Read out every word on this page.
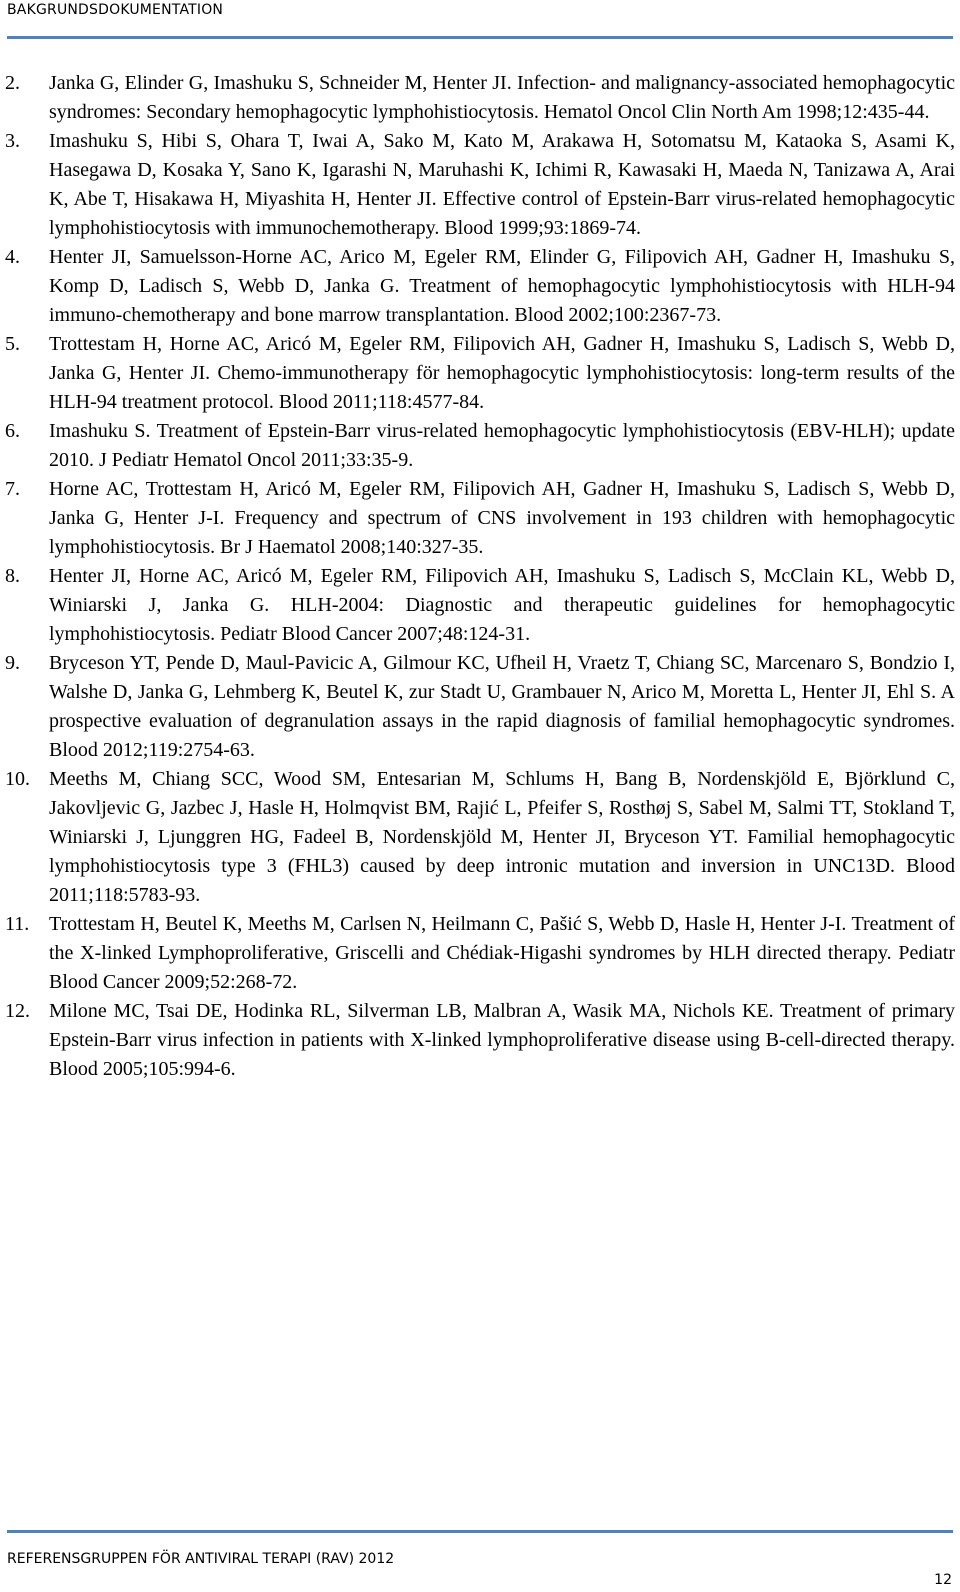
BAKGRUNDSDOKUMENTATION
2. Janka G, Elinder G, Imashuku S, Schneider M, Henter JI. Infection- and malignancy-associated hemophagocytic syndromes: Secondary hemophagocytic lymphohistiocytosis. Hematol Oncol Clin North Am 1998;12:435-44.
3. Imashuku S, Hibi S, Ohara T, Iwai A, Sako M, Kato M, Arakawa H, Sotomatsu M, Kataoka S, Asami K, Hasegawa D, Kosaka Y, Sano K, Igarashi N, Maruhashi K, Ichimi R, Kawasaki H, Maeda N, Tanizawa A, Arai K, Abe T, Hisakawa H, Miyashita H, Henter JI. Effective control of Epstein-Barr virus-related hemophagocytic lymphohistiocytosis with immunochemotherapy. Blood 1999;93:1869-74.
4. Henter JI, Samuelsson-Horne AC, Arico M, Egeler RM, Elinder G, Filipovich AH, Gadner H, Imashuku S, Komp D, Ladisch S, Webb D, Janka G. Treatment of hemophagocytic lymphohistiocytosis with HLH-94 immuno-chemotherapy and bone marrow transplantation. Blood 2002;100:2367-73.
5. Trottestam H, Horne AC, Aricó M, Egeler RM, Filipovich AH, Gadner H, Imashuku S, Ladisch S, Webb D, Janka G, Henter JI. Chemo-immunotherapy för hemophagocytic lymphohistiocytosis: long-term results of the HLH-94 treatment protocol. Blood 2011;118:4577-84.
6. Imashuku S. Treatment of Epstein-Barr virus-related hemophagocytic lymphohistiocytosis (EBV-HLH); update 2010. J Pediatr Hematol Oncol 2011;33:35-9.
7. Horne AC, Trottestam H, Aricó M, Egeler RM, Filipovich AH, Gadner H, Imashuku S, Ladisch S, Webb D, Janka G, Henter J-I. Frequency and spectrum of CNS involvement in 193 children with hemophagocytic lymphohistiocytosis. Br J Haematol 2008;140:327-35.
8. Henter JI, Horne AC, Aricó M, Egeler RM, Filipovich AH, Imashuku S, Ladisch S, McClain KL, Webb D, Winiarski J, Janka G. HLH-2004: Diagnostic and therapeutic guidelines for hemophagocytic lymphohistiocytosis. Pediatr Blood Cancer 2007;48:124-31.
9. Bryceson YT, Pende D, Maul-Pavicic A, Gilmour KC, Ufheil H, Vraetz T, Chiang SC, Marcenaro S, Bondzio I, Walshe D, Janka G, Lehmberg K, Beutel K, zur Stadt U, Grambauer N, Arico M, Moretta L, Henter JI, Ehl S. A prospective evaluation of degranulation assays in the rapid diagnosis of familial hemophagocytic syndromes. Blood 2012;119:2754-63.
10. Meeths M, Chiang SCC, Wood SM, Entesarian M, Schlums H, Bang B, Nordenskjöld E, Björklund C, Jakovljevic G, Jazbec J, Hasle H, Holmqvist BM, Rajić L, Pfeifer S, Rosthøj S, Sabel M, Salmi TT, Stokland T, Winiarski J, Ljunggren HG, Fadeel B, Nordenskjöld M, Henter JI, Bryceson YT. Familial hemophagocytic lymphohistiocytosis type 3 (FHL3) caused by deep intronic mutation and inversion in UNC13D. Blood 2011;118:5783-93.
11. Trottestam H, Beutel K, Meeths M, Carlsen N, Heilmann C, Pašić S, Webb D, Hasle H, Henter J-I. Treatment of the X-linked Lymphoproliferative, Griscelli and Chédiak-Higashi syndromes by HLH directed therapy. Pediatr Blood Cancer 2009;52:268-72.
12. Milone MC, Tsai DE, Hodinka RL, Silverman LB, Malbran A, Wasik MA, Nichols KE. Treatment of primary Epstein-Barr virus infection in patients with X-linked lymphoproliferative disease using B-cell-directed therapy. Blood 2005;105:994-6.
REFERENSGRUPPEN FÖR ANTIVIRAL TERAPI (RAV) 2012
12
